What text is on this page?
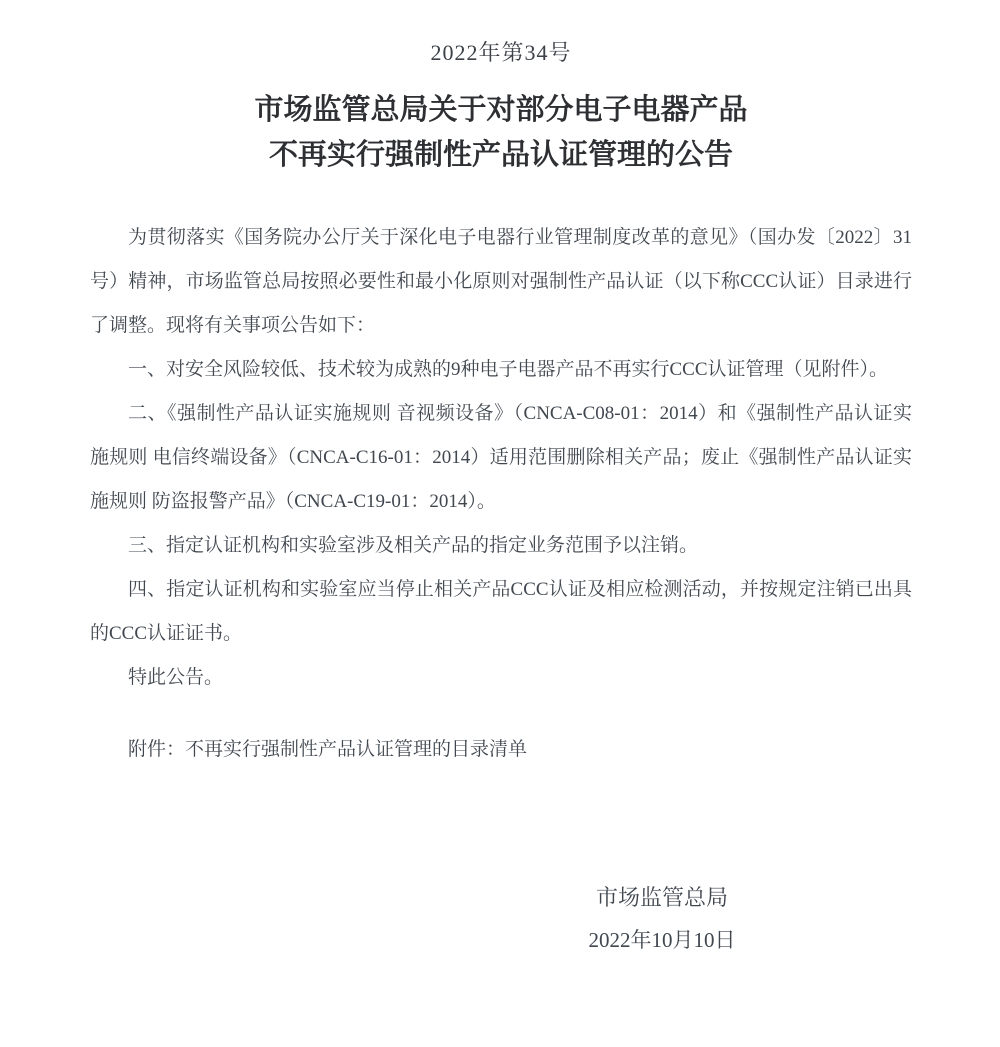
2022年第34号
市场监管总局关于对部分电子电器产品
不再实行强制性产品认证管理的公告

为贯彻落实《国务院办公厅关于深化电子电器行业管理制度改革的意见》（国办发〔2022〕31号）精神，市场监管总局按照必要性和最小化原则对强制性产品认证（以下称CCC认证）目录进行了调整。现将有关事项公告如下：

一、对安全风险较低、技术较为成熟的9种电子电器产品不再实行CCC认证管理（见附件）。

二、《强制性产品认证实施规则 音视频设备》（CNCA-C08-01：2014）和《强制性产品认证实施规则 电信终端设备》（CNCA-C16-01：2014）适用范围删除相关产品；废止《强制性产品认证实施规则 防盗报警产品》（CNCA-C19-01：2014）。

三、指定认证机构和实验室涉及相关产品的指定业务范围予以注销。

四、指定认证机构和实验室应当停止相关产品CCC认证及相应检测活动，并按规定注销已出具的CCC认证证书。

特此公告。

附件：不再实行强制性产品认证管理的目录清单

市场监管总局
2022年10月10日
